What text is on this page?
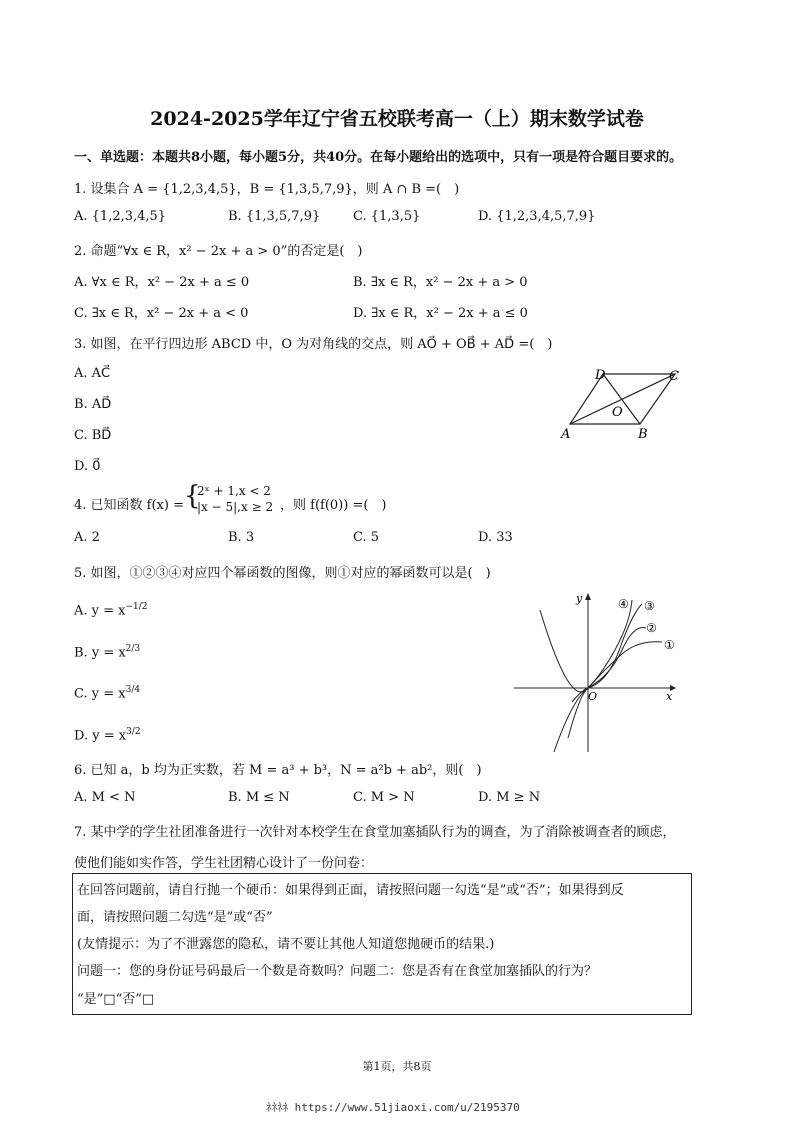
2024-2025学年辽宁省五校联考高一（上）期末数学试卷
一、单选题：本题共8小题，每小题5分，共40分。在每小题给出的选项中，只有一项是符合题目要求的。
1. 设集合 A = {1,2,3,4,5}，B = {1,3,5,7,9}，则 A ∩ B =(　)
A. {1,2,3,4,5}	B. {1,3,5,7,9}	C. {1,3,5}	D. {1,2,3,4,5,7,9}
2. 命题“∀x ∈ R，x² − 2x + a > 0”的否定是(　)
A. ∀x ∈ R，x² − 2x + a ≤ 0	B. ∃x ∈ R，x² − 2x + a > 0
C. ∃x ∈ R，x² − 2x + a < 0	D. ∃x ∈ R，x² − 2x + a ≤ 0
3. 如图，在平行四边形 ABCD 中，O 为对角线的交点，则 AO⃗ + OB⃗ + AD⃗ =(　)
A. AC⃗
B. AD⃗
C. BD⃗
D. 0⃗
A	B
C
D
O
4. 已知函数 f(x) = {
2ˣ + 1,x < 2
|x − 5|,x ≥ 2 ，则 f(f(0)) =(　)
A. 2	B. 3	C. 5	D. 33
5. 如图，①②③④对应四个幂函数的图像，则①对应的幂函数可以是(　)
A. $y = x^{-1/2}$
B. $y = x^{2/3}$
C. $y = x^{3/4}$
D. $y = x^{3/2}$
y
x
O
④ ③
②
①
6. 已知 a，b 均为正实数，若 M = a³ + b³，N = a²b + ab²，则(　)
A. M < N	B. M ≤ N	C. M > N	D. M ≥ N
7. 某中学的学生社团准备进行一次针对本校学生在食堂加塞插队行为的调查，为了消除被调查者的顾虑，
使他们能如实作答，学生社团精心设计了一份问卷：
在回答问题前，请自行抛一个硬币：如果得到正面，请按照问题一勾选“是”或“否”；如果得到反
面，请按照问题二勾选“是”或“否”
(友情提示：为了不泄露您的隐私，请不要让其他人知道您抛硬币的结果.)
问题一：您的身份证号码最后一个数是奇数吗？问题二：您是否有在食堂加塞插队的行为？
“是”□“否”□
第1页，共8页
ﾈﾈﾈﾈ https://www.51jiaoxi.com/u/2195370
